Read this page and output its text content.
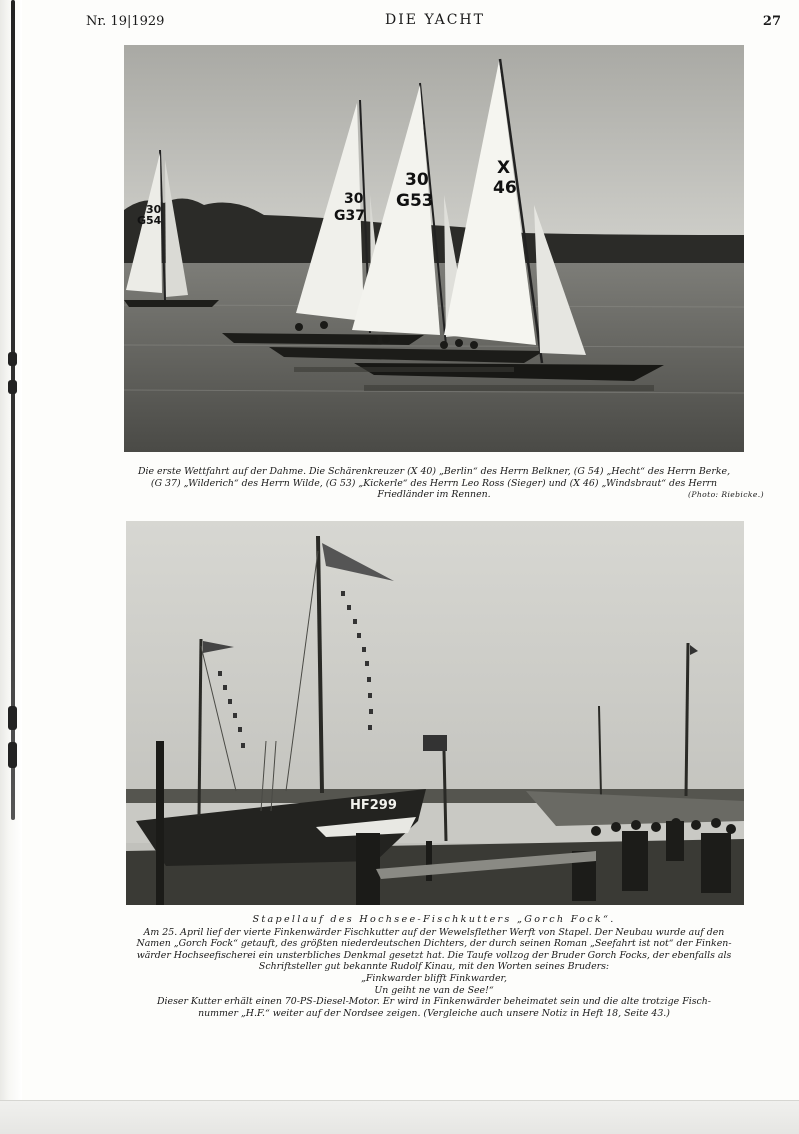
Nr. 19|1929	DIE YACHT	27
30
G54
30
G37
30
G53
X
46
Die erste Wettfahrt auf der Dahme. Die Schärenkreuzer (X 40) „Berlin“ des Herrn Belkner, (G 54) „Hecht“ des Herrn Berke,
(G 37) „Wilderich“ des Herrn Wilde, (G 53) „Kickerle“ des Herrn Leo Ross (Sieger) und (X 46) „Windsbraut“ des Herrn
Friedländer im Rennen.	(Photo: Riebicke.)
HF299
Stapellauf des Hochsee-Fischkutters „Gorch Fock“.
Am 25. April lief der vierte Finkenwärder Fischkutter auf der Wewelsflether Werft von Stapel. Der Neubau wurde auf den
Namen „Gorch Fock“ getauft, des größten niederdeutschen Dichters, der durch seinen Roman „Seefahrt ist not“ der Finken-
wärder Hochseefischerei ein unsterbliches Denkmal gesetzt hat. Die Taufe vollzog der Bruder Gorch Focks, der ebenfalls als
Schriftsteller gut bekannte Rudolf Kinau, mit den Worten seines Bruders:
„Finkwarder blifft Finkwarder,
Un geiht ne van de See!“
Dieser Kutter erhält einen 70-PS-Diesel-Motor. Er wird in Finkenwärder beheimatet sein und die alte trotzige Fisch-
nummer „H.F.“ weiter auf der Nordsee zeigen. (Vergleiche auch unsere Notiz in Heft 18, Seite 43.)
